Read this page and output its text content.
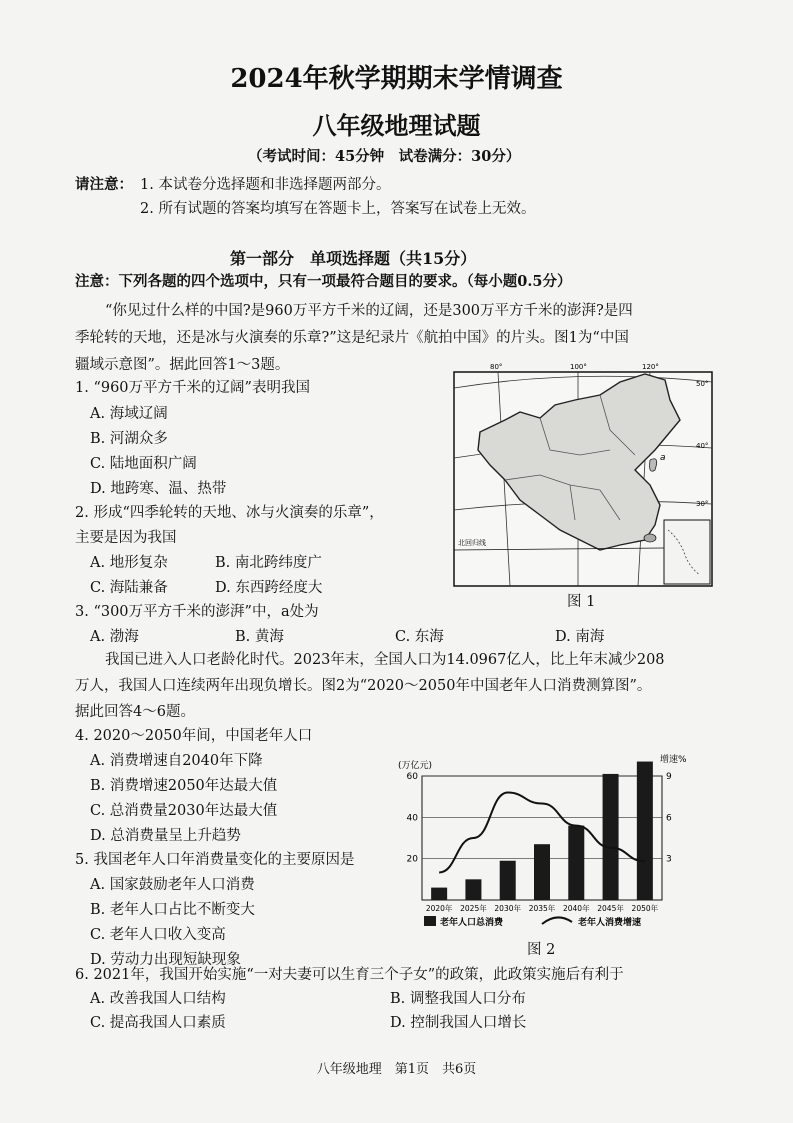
2024年秋学期期末学情调查
八年级地理试题
（考试时间：45分钟　试卷满分：30分）
请注意： 1. 本试卷分选择题和非选择题两部分。
2. 所有试题的答案均填写在答题卡上，答案写在试卷上无效。
第一部分　单项选择题（共15分）
注意：下列各题的四个选项中，只有一项最符合题目的要求。（每小题0.5分）
“你见过什么样的中国?是960万平方千米的辽阔，还是300万平方千米的澎湃?是四
季轮转的天地，还是冰与火演奏的乐章?”这是纪录片《航拍中国》的片头。图1为“中国
疆域示意图”。据此回答1～3题。
1. “960万平方千米的辽阔”表明我国
A. 海域辽阔
B. 河湖众多
C. 陆地面积广阔
D. 地跨寒、温、热带
2. 形成“四季轮转的天地、冰与火演奏的乐章”，
主要是因为我国
A. 地形复杂	B. 南北跨纬度广
C. 海陆兼备	D. 东西跨经度大
3. “300万平方千米的澎湃”中，a处为
A. 渤海	B. 黄海	C. 东海	D. 南海
北回归线
80°	100°	120°
50°
40°
30°
a
图 1
我国已进入人口老龄化时代。2023年末，全国人口为14.0967亿人，比上年末减少208
万人，我国人口连续两年出现负增长。图2为“2020～2050年中国老年人口消费测算图”。
据此回答4～6题。
4. 2020～2050年间，中国老年人口
A. 消费增速自2040年下降
B. 消费增速2050年达最大值
C. 总消费量2030年达最大值
D. 总消费量呈上升趋势
5. 我国老年人口年消费量变化的主要原因是
A. 国家鼓励老年人口消费
B. 老年人口占比不断变大
C. 老年人口收入变高
D. 劳动力出现短缺现象
(万亿元)
增速%
20
40
60
3
6
9
2020年 2025年 2030年 2035年 2040年 2045年 2050年
老年人口总消费	老年人消费增速
图 2
6. 2021年，我国开始实施“一对夫妻可以生育三个子女”的政策，此政策实施后有利于
A. 改善我国人口结构	B. 调整我国人口分布
C. 提高我国人口素质	D. 控制我国人口增长
八年级地理　第1页　共6页
